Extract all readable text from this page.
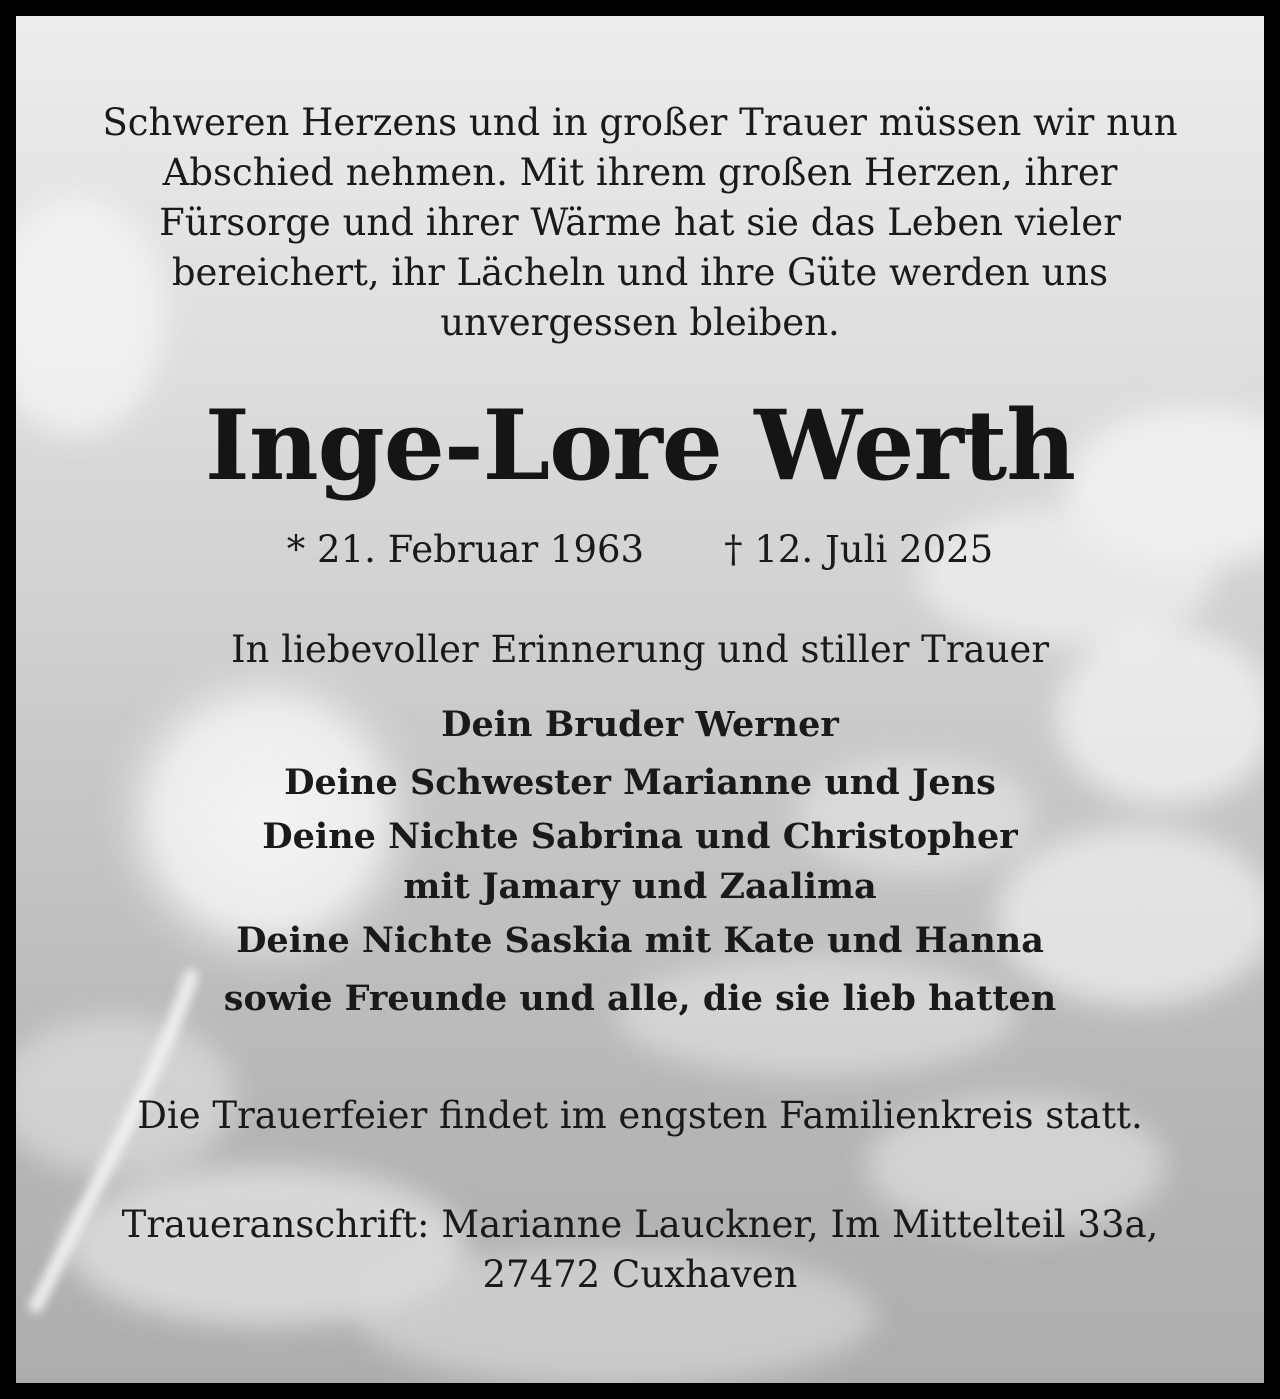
Schweren Herzens und in großer Trauer müssen wir nun
Abschied nehmen. Mit ihrem großen Herzen, ihrer
Fürsorge und ihrer Wärme hat sie das Leben vieler
bereichert, ihr Lächeln und ihre Güte werden uns
unvergessen bleiben.
Inge-Lore Werth
* 21. Februar 1963 † 12. Juli 2025
In liebevoller Erinnerung und stiller Trauer
Dein Bruder Werner
Deine Schwester Marianne und Jens
Deine Nichte Sabrina und Christopher
mit Jamary und Zaalima
Deine Nichte Saskia mit Kate und Hanna
sowie Freunde und alle, die sie lieb hatten
Die Trauerfeier findet im engsten Familienkreis statt.
Traueranschrift: Marianne Lauckner, Im Mittelteil 33a,
27472 Cuxhaven
